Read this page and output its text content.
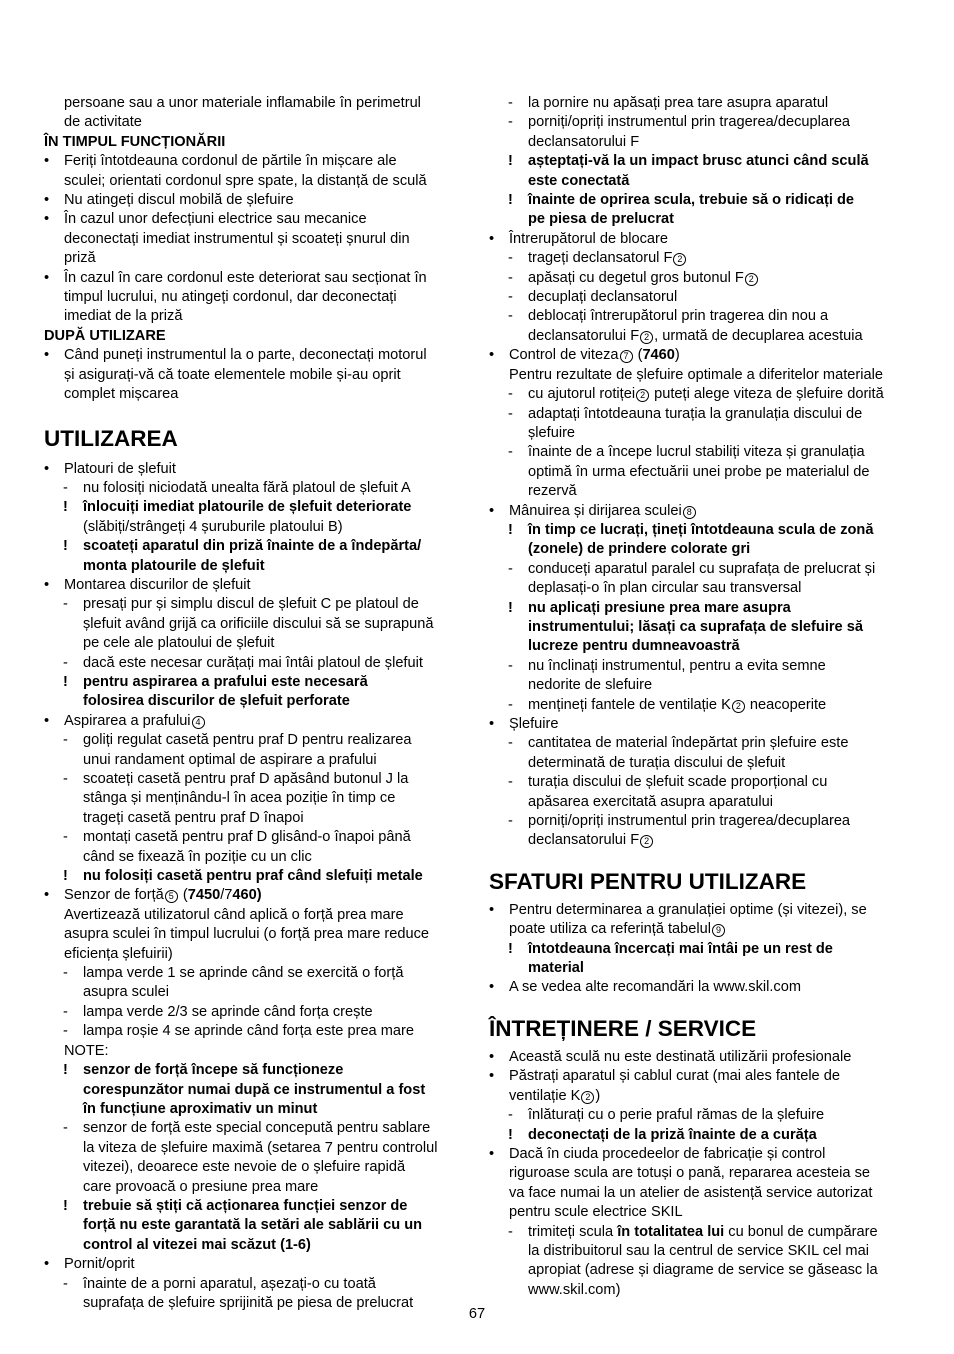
persoane sau a unor materiale inflamabile în perimetrul
de activitate
ÎN TIMPUL FUNCȚIONĂRII
• Feriți întotdeauna cordonul de părtile în mișcare ale
sculei; orientati cordonul spre spate, la distanță de sculă
• Nu atingeți discul mobilă de șlefuire
• În cazul unor defecțiuni electrice sau mecanice
deconectați imediat instrumentul și scoateți șnurul din
priză
• În cazul în care cordonul este deteriorat sau secționat în
timpul lucrului, nu atingeți cordonul, dar deconectați
imediat de la priză
DUPĂ UTILIZARE
• Când puneți instrumentul la o parte, deconectați motorul
și asigurați-vă că toate elementele mobile și-au oprit
complet mișcarea
UTILIZAREA
• Platouri de șlefuit
- nu folosiți niciodată unealta fără platoul de șlefuit A
! înlocuiți imediat platourile de șlefuit deteriorate
(slăbiți/strângeți 4 șuruburile platoului B)
! scoateți aparatul din priză înainte de a îndepărta/
monta platourile de șlefuit
• Montarea discurilor de șlefuit
- presați pur și simplu discul de șlefuit C pe platoul de
șlefuit având grijă ca orificiile discului să se suprapună
pe cele ale platoului de șlefuit
- dacă este necesar curățați mai întâi platoul de șlefuit
! pentru aspirarea a prafului este necesară
folosirea discurilor de șlefuit perforate
• Aspirarea a prafului 4
- goliți regulat casetă pentru praf D pentru realizarea
unui randament optimal de aspirare a prafului
- scoateți casetă pentru praf D apăsând butonul J la
stânga și menținându-l în acea poziție în timp ce
trageți casetă pentru praf D înapoi
- montați casetă pentru praf D glisând-o înapoi până
când se fixează în poziție cu un clic
! nu folosiți casetă pentru praf când slefuiți metale
• Senzor de forță 5 (7450/7460)
Avertizează utilizatorul când aplică o forță prea mare
asupra sculei în timpul lucrului (o forță prea mare reduce
eficiența șlefuirii)
- lampa verde 1 se aprinde când se exercită o forță
asupra sculei
- lampa verde 2/3 se aprinde când forța crește
- lampa roșie 4 se aprinde când forța este prea mare
NOTE:
! senzor de forță începe să funcționeze
corespunzător numai după ce instrumentul a fost
în funcțiune aproximativ un minut
- senzor de forță este special conceputǎ pentru sablare
la viteza de șlefuire maximă (setarea 7 pentru controlul
vitezei), deoarece este nevoie de o șlefuire rapidă
care provoacă o presiune prea mare
! trebuie să știți că acționarea funcției senzor de
forță nu este garantată la setări ale sablării cu un
control al vitezei mai scăzut (1-6)
• Pornit/oprit
- înainte de a porni aparatul, așezați-o cu toată
suprafața de șlefuire sprijinită pe piesa de prelucrat
- la pornire nu apăsați prea tare asupra aparatul
- porniți/opriți instrumentul prin tragerea/decuplarea
declansatorului F
! așteptați-vă la un impact brusc atunci când sculă
este conectată
! înainte de oprirea scula, trebuie să o ridicați de
pe piesa de prelucrat
• Întrerupătorul de blocare
- trageți declansatorul F 2
- apăsați cu degetul gros butonul F 2
- decuplați declansatorul
- deblocați întrerupătorul prin tragerea din nou a
declansatorului F 2 , urmată de decuplarea acestuia
• Control de viteza 7 (7460)
Pentru rezultate de șlefuire optimale a diferitelor materiale
- cu ajutorul rotiței 2 puteți alege viteza de șlefuire dorită
- adaptați întotdeauna turația la granulația discului de
șlefuire
- înainte de a începe lucrul stabiliți viteza și granulația
optimă în urma efectuării unei probe pe materialul de
rezervă
• Mânuirea și dirijarea sculei 8
! în timp ce lucrați, țineți întotdeauna scula de zonă
(zonele) de prindere colorate gri
- conduceți aparatul paralel cu suprafața de prelucrat și
deplasați-o în plan circular sau transversal
! nu aplicați presiune prea mare asupra
instrumentului; lăsați ca suprafața de slefuire să
lucreze pentru dumneavoastră
- nu înclinați instrumentul, pentru a evita semne
nedorite de slefuire
- mențineți fantele de ventilație K 2 neacoperite
• Șlefuire
- cantitatea de material îndepărtat prin șlefuire este
determinată de turația discului de șlefuit
- turația discului de șlefuit scade proporțional cu
apăsarea exercitată asupra aparatului
- porniți/opriți instrumentul prin tragerea/decuplarea
declansatorului F 2
SFATURI PENTRU UTILIZARE
• Pentru determinarea a granulației optime (și vitezei), se
poate utiliza ca referință tabelul 9
! întotdeauna încercați mai întâi pe un rest de
material
• A se vedea alte recomandări la www.skil.com
ÎNTREȚINERE / SERVICE
• Această sculă nu este destinată utilizării profesionale
• Păstrați aparatul și cablul curat (mai ales fantele de
ventilație K 2 )
- înlăturați cu o perie praful rămas de la șlefuire
! deconectați de la priză înainte de a curăța
• Dacă în ciuda procedeelor de fabricație și control
riguroase scula are totuși o pană, repararea acesteia se
va face numai la un atelier de asistență service autorizat
pentru scule electrice SKIL
- trimiteți scula în totalitatea lui cu bonul de cumpărare
la distribuitorul sau la centrul de service SKIL cel mai
apropiat (adrese și diagrame de service se găseasc la
www.skil.com)
67
